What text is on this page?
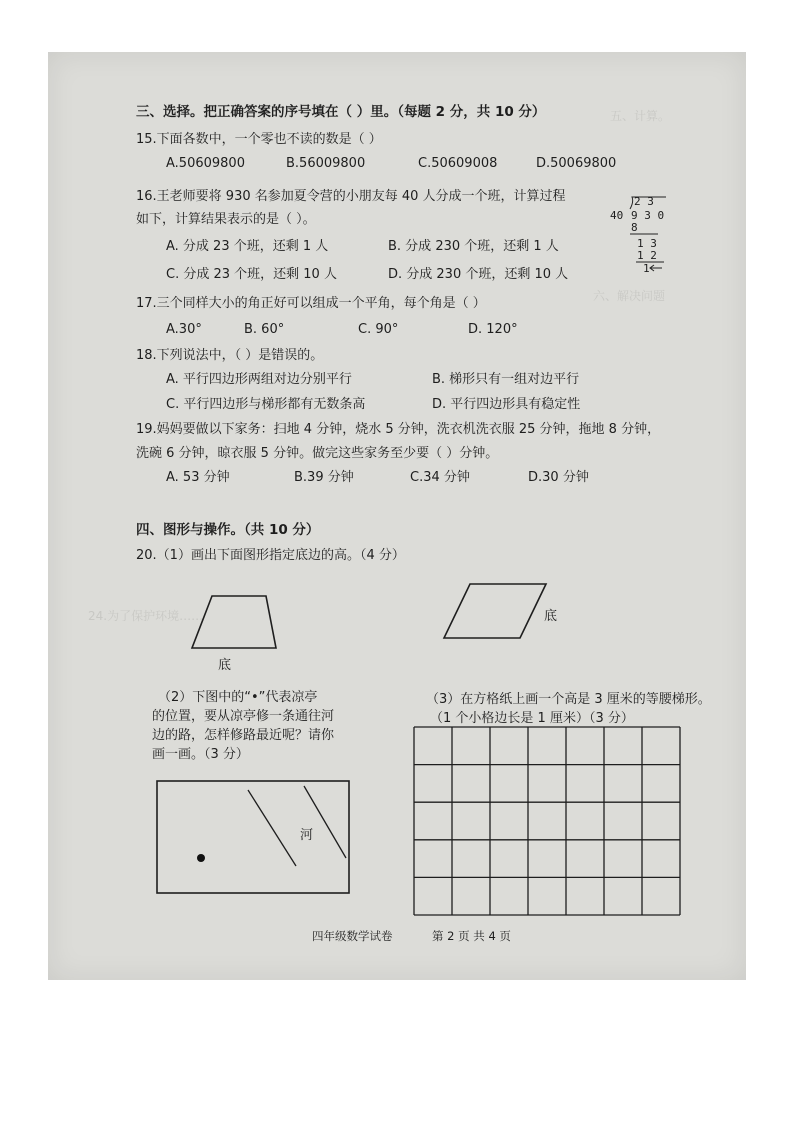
五、计算。
六、解决问题
24.为了保护环境……
三、选择。把正确答案的序号填在（ ）里。（每题 2 分，共 10 分）
15.下面各数中，一个零也不读的数是（ ）
A.50609800	B.56009800	C.50609008	D.50069800
16.王老师要将 930 名参加夏令营的小朋友每 40 人分成一个班，计算过程
如下，计算结果表示的是（ ）。
A. 分成 23 个班，还剩 1 人	B. 分成 230 个班，还剩 1 人
C. 分成 23 个班，还剩 10 人	D. 分成 230 个班，还剩 10 人
2 3
40 9 3 0
8
1 3
1 2
1
17.三个同样大小的角正好可以组成一个平角，每个角是（ ）
A.30°	B. 60°	C. 90°	D. 120°
18.下列说法中，（ ）是错误的。
A. 平行四边形两组对边分别平行	B. 梯形只有一组对边平行
C. 平行四边形与梯形都有无数条高	D. 平行四边形具有稳定性
19.妈妈要做以下家务：扫地 4 分钟，烧水 5 分钟，洗衣机洗衣服 25 分钟，拖地 8 分钟，
洗碗 6 分钟，晾衣服 5 分钟。做完这些家务至少要（ ）分钟。
A. 53 分钟	B.39 分钟	C.34 分钟	D.30 分钟
四、图形与操作。（共 10 分）
20.（1）画出下面图形指定底边的高。（4 分）
底
底
（2）下图中的“•”代表凉亭
的位置，要从凉亭修一条通往河
边的路，怎样修路最近呢？请你
画一画。（3 分）
河
（3）在方格纸上画一个高是 3 厘米的等腰梯形。
（1 个小格边长是 1 厘米）（3 分）
四年级数学试卷	第 2 页 共 4 页
